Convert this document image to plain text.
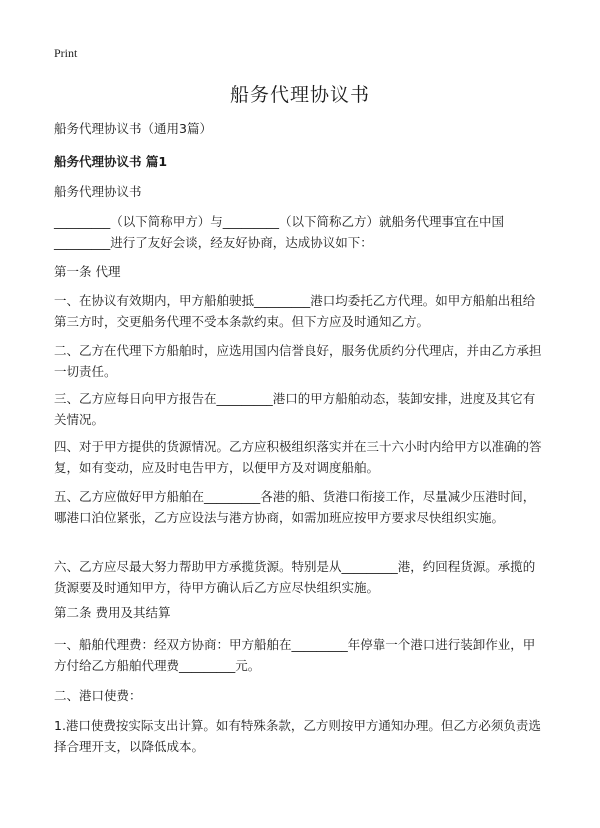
Print
船务代理协议书

船务代理协议书（通用3篇）

船务代理协议书 篇1

船务代理协议书

_________（以下简称甲方）与_________（以下简称乙方）就船务代理事宜在中国_________进行了友好会谈，经友好协商，达成协议如下：

第一条 代理

一、在协议有效期内，甲方船舶驶抵_________港口均委托乙方代理。如甲方船舶出租给第三方时，交更船务代理不受本条款约束。但下方应及时通知乙方。

二、乙方在代理下方船舶时，应选用国内信誉良好，服务优质约分代理店，并由乙方承担一切责任。

三、乙方应每日向甲方报告在_________港口的甲方船舶动态，装卸安排，进度及其它有关情况。

四、对于甲方提供的货源情况。乙方应积极组织落实并在三十六小时内给甲方以准确的答复，如有变动，应及时电告甲方，以便甲方及对调度船舶。

五、乙方应做好甲方船舶在_________各港的船、货港口衔接工作，尽量减少压港时间，哪港口泊位紧张，乙方应设法与港方协商，如需加班应按甲方要求尽快组织实施。

六、乙方应尽最大努力帮助甲方承揽货源。特别是从_________港，约回程货源。承揽的货源要及时通知甲方，待甲方确认后乙方应尽快组织实施。

第二条 费用及其结算

一、船舶代理费：经双方协商：甲方船舶在_________年停靠一个港口进行装卸作业，甲方付给乙方船舶代理费_________元。

二、港口使费：

1.港口使费按实际支出计算。如有特殊条款，乙方则按甲方通知办理。但乙方必须负责选择合理开支，以降低成本。
